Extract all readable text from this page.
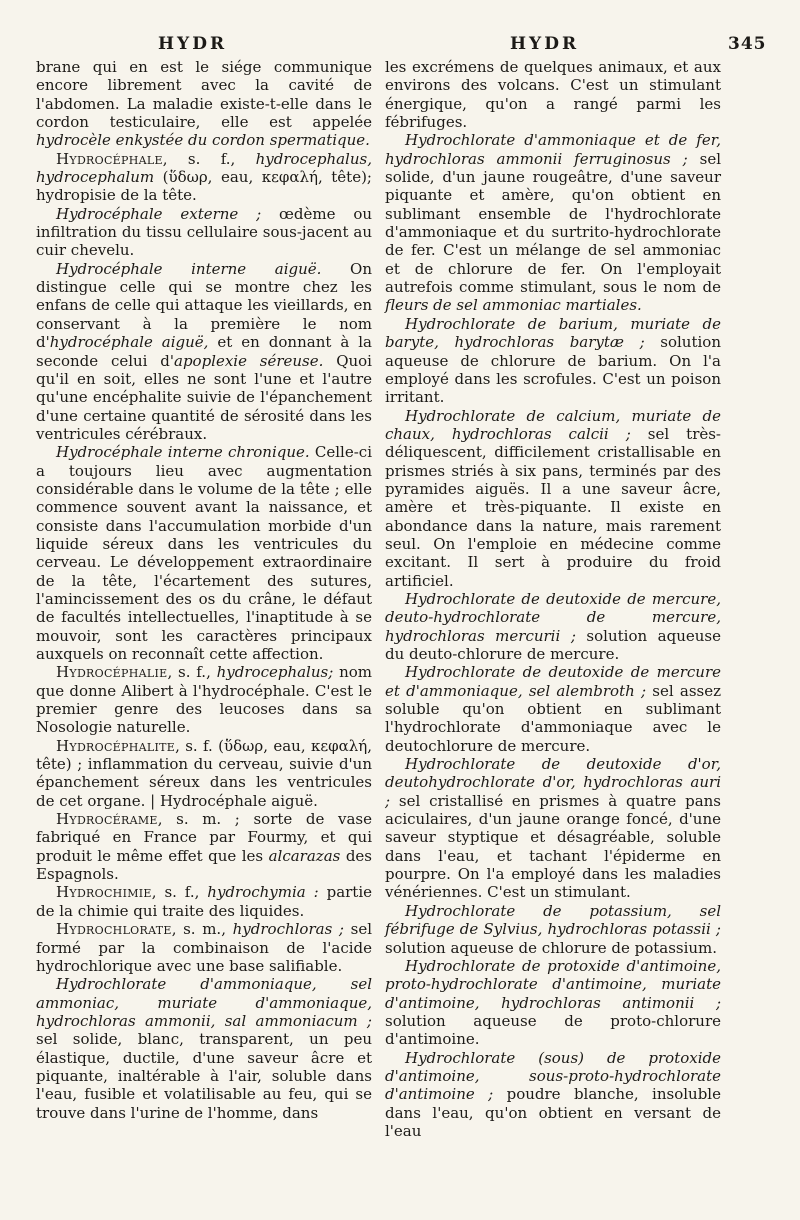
HYDR	HYDR	345

brane qui en est le siége communique encore librement avec la cavité de l'abdomen. La maladie existe-t-elle dans le cordon testiculaire, elle est appelée hydrocèle enkystée du cordon spermatique.

Hydrocéphale, s. f., hydrocephalus, hydrocephalum (ὕδωρ, eau, κεφαλή, tête); hydropisie de la tête.

Hydrocéphale externe ; œdème ou infiltration du tissu cellulaire sous-jacent au cuir chevelu.

Hydrocéphale interne aiguë. On distingue celle qui se montre chez les enfans de celle qui attaque les vieillards, en conservant à la première le nom d'hydrocéphale aiguë, et en donnant à la seconde celui d'apoplexie séreuse. Quoi qu'il en soit, elles ne sont l'une et l'autre qu'une encéphalite suivie de l'épanchement d'une certaine quantité de sérosité dans les ventricules cérébraux.

Hydrocéphale interne chronique. Celle-ci a toujours lieu avec augmentation considérable dans le volume de la tête ; elle commence souvent avant la naissance, et consiste dans l'accumulation morbide d'un liquide séreux dans les ventricules du cerveau. Le développement extraordinaire de la tête, l'écartement des sutures, l'amincissement des os du crâne, le défaut de facultés intellectuelles, l'inaptitude à se mouvoir, sont les caractères principaux auxquels on reconnaît cette affection.

Hydrocéphalie, s. f., hydrocephalus; nom que donne Alibert à l'hydrocéphale. C'est le premier genre des leucoses dans sa Nosologie naturelle.

Hydrocéphalite, s. f. (ὕδωρ, eau, κεφαλή, tête) ; inflammation du cerveau, suivie d'un épanchement séreux dans les ventricules de cet organe. | Hydrocéphale aiguë.

Hydrocérame, s. m. ; sorte de vase fabriqué en France par Fourmy, et qui produit le même effet que les alcarazas des Espagnols.

Hydrochimie, s. f., hydrochymia : partie de la chimie qui traite des liquides.

Hydrochlorate, s. m., hydrochloras ; sel formé par la combinaison de l'acide hydrochlorique avec une base salifiable.

Hydrochlorate d'ammoniaque, sel ammoniac, muriate d'ammoniaque, hydrochloras ammonii, sal ammoniacum ; sel solide, blanc, transparent, un peu élastique, ductile, d'une saveur âcre et piquante, inaltérable à l'air, soluble dans l'eau, fusible et volatilisable au feu, qui se trouve dans l'urine de l'homme, dans

les excrémens de quelques animaux, et aux environs des volcans. C'est un stimulant énergique, qu'on a rangé parmi les fébrifuges.

Hydrochlorate d'ammoniaque et de fer, hydrochloras ammonii ferruginosus ; sel solide, d'un jaune rougeâtre, d'une saveur piquante et amère, qu'on obtient en sublimant ensemble de l'hydrochlorate d'ammoniaque et du surtrito-hydrochlorate de fer. C'est un mélange de sel ammoniac et de chlorure de fer. On l'employait autrefois comme stimulant, sous le nom de fleurs de sel ammoniac martiales.

Hydrochlorate de barium, muriate de baryte, hydrochloras barytæ ; solution aqueuse de chlorure de barium. On l'a employé dans les scrofules. C'est un poison irritant.

Hydrochlorate de calcium, muriate de chaux, hydrochloras calcii ; sel très-déliquescent, difficilement cristallisable en prismes striés à six pans, terminés par des pyramides aiguës. Il a une saveur âcre, amère et très-piquante. Il existe en abondance dans la nature, mais rarement seul. On l'emploie en médecine comme excitant. Il sert à produire du froid artificiel.

Hydrochlorate de deutoxide de mercure, deuto-hydrochlorate de mercure, hydrochloras mercurii ; solution aqueuse du deuto-chlorure de mercure.

Hydrochlorate de deutoxide de mercure et d'ammoniaque, sel alembroth ; sel assez soluble qu'on obtient en sublimant l'hydrochlorate d'ammoniaque avec le deutochlorure de mercure.

Hydrochlorate de deutoxide d'or, deutohydrochlorate d'or, hydrochloras auri ; sel cristallisé en prismes à quatre pans aciculaires, d'un jaune orange foncé, d'une saveur styptique et désagréable, soluble dans l'eau, et tachant l'épiderme en pourpre. On l'a employé dans les maladies vénériennes. C'est un stimulant.

Hydrochlorate de potassium, sel fébrifuge de Sylvius, hydrochloras potassii ; solution aqueuse de chlorure de potassium.

Hydrochlorate de protoxide d'antimoine, proto-hydrochlorate d'antimoine, muriate d'antimoine, hydrochloras antimonii ; solution aqueuse de proto-chlorure d'antimoine.

Hydrochlorate (sous) de protoxide d'antimoine, sous-proto-hydrochlorate d'antimoine ; poudre blanche, insoluble dans l'eau, qu'on obtient en versant de l'eau
